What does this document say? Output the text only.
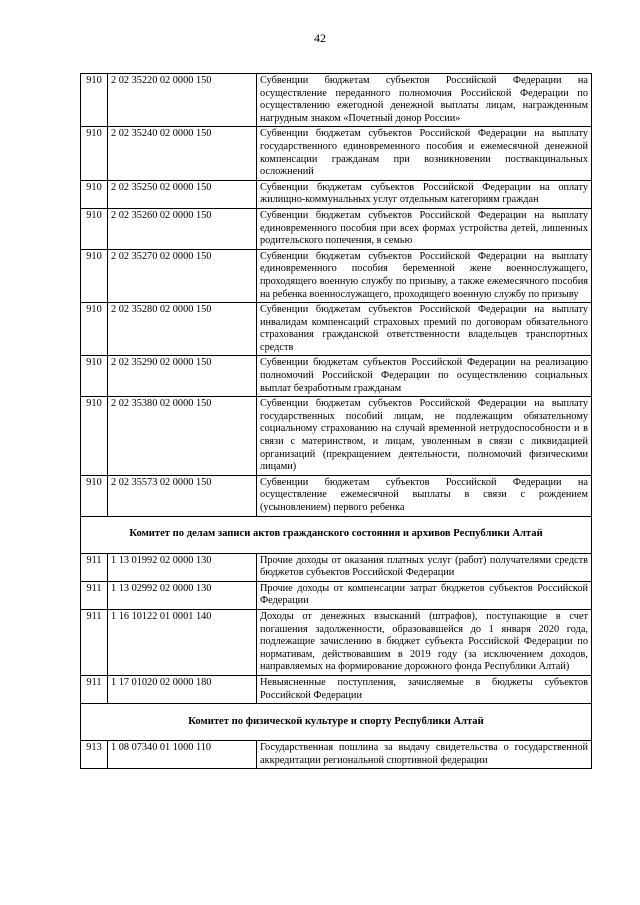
42
910	2 02 35220 02 0000 150	Субвенции бюджетам субъектов Российской Федерации на осуществление переданного полномочия Российской Федерации по осуществлению ежегодной денежной выплаты лицам, награжденным нагрудным знаком «Почетный донор России»
910	2 02 35240 02 0000 150	Субвенции бюджетам субъектов Российской Федерации на выплату государственного единовременного пособия и ежемесячной денежной компенсации гражданам при возникновении поствакцинальных осложнений
910	2 02 35250 02 0000 150	Субвенции бюджетам субъектов Российской Федерации на оплату жилищно-коммунальных услуг отдельным категориям граждан
910	2 02 35260 02 0000 150	Субвенции бюджетам субъектов Российской Федерации на выплату единовременного пособия при всех формах устройства детей, лишенных родительского попечения, в семью
910	2 02 35270 02 0000 150	Субвенции бюджетам субъектов Российской Федерации на выплату единовременного пособия беременной жене военнослужащего, проходящего военную службу по призыву, а также ежемесячного пособия на ребенка военнослужащего, проходящего военную службу по призыву
910	2 02 35280 02 0000 150	Субвенции бюджетам субъектов Российской Федерации на выплату инвалидам компенсаций страховых премий по договорам обязательного страхования гражданской ответственности владельцев транспортных средств
910	2 02 35290 02 0000 150	Субвенции бюджетам субъектов Российской Федерации на реализацию полномочий Российской Федерации по осуществлению социальных выплат безработным гражданам
910	2 02 35380 02 0000 150	Субвенции бюджетам субъектов Российской Федерации на выплату государственных пособий лицам, не подлежащим обязательному социальному страхованию на случай временной нетрудоспособности и в связи с материнством, и лицам, уволенным в связи с ликвидацией организаций (прекращением деятельности, полномочий физическими лицами)
910	2 02 35573 02 0000 150	Субвенции бюджетам субъектов Российской Федерации на осуществление ежемесячной выплаты в связи с рождением (усыновлением) первого ребенка
Комитет по делам записи актов гражданского состояния и архивов Республики Алтай		
911	1 13 01992 02 0000 130	Прочие доходы от оказания платных услуг (работ) получателями средств бюджетов субъектов Российской Федерации
911	1 13 02992 02 0000 130	Прочие доходы от компенсации затрат бюджетов субъектов Российской Федерации
911	1 16 10122 01 0001 140	Доходы от денежных взысканий (штрафов), поступающие в счет погашения задолженности, образовавшейся до 1 января 2020 года, подлежащие зачислению в бюджет субъекта Российской Федерации по нормативам, действовавшим в 2019 году (за исключением доходов, направляемых на формирование дорожного фонда Республики Алтай)
911	1 17 01020 02 0000 180	Невыясненные поступления, зачисляемые в бюджеты субъектов Российской Федерации
Комитет по физической культуре и спорту Республики Алтай		
913	1 08 07340 01 1000 110	Государственная пошлина за выдачу свидетельства о государственной аккредитации региональной спортивной федерации
